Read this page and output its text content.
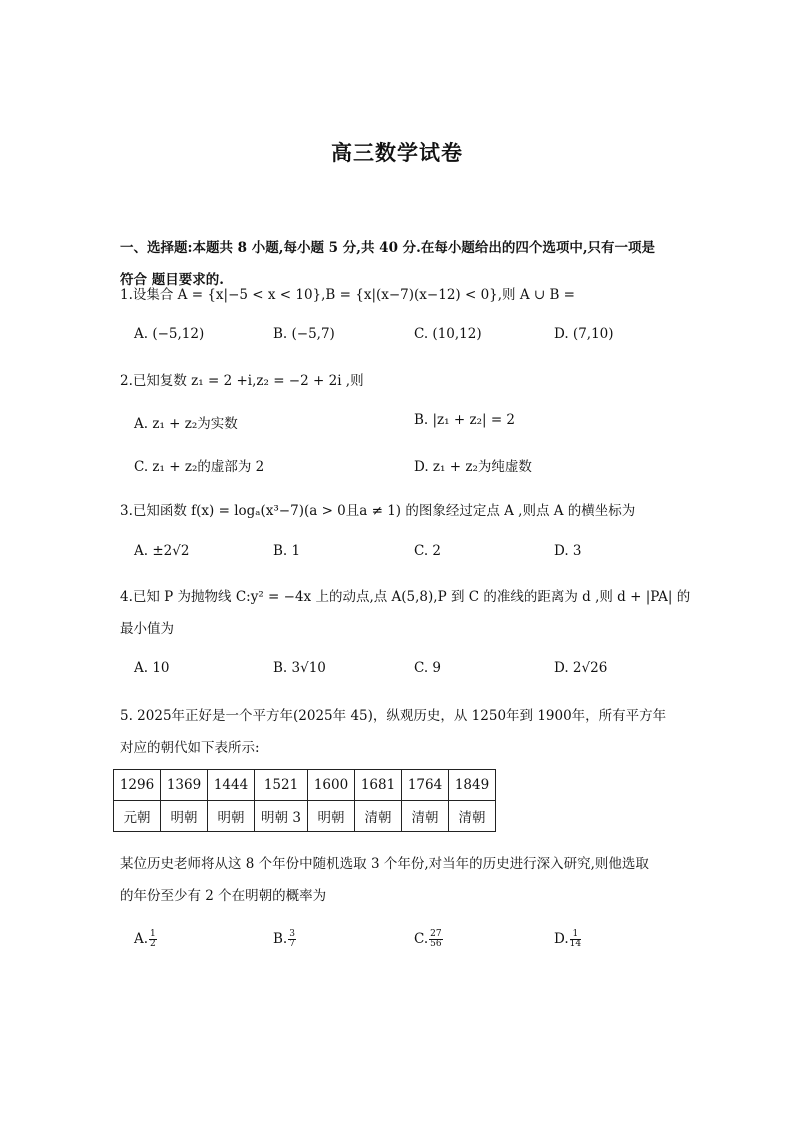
高三数学试卷
一、选择题:本题共 8 小题,每小题 5 分,共 40 分.在每小题给出的四个选项中,只有一项是
符合 题目要求的.
1.设集合 A = {x|−5 < x < 10},B = {x|(x−7)(x−12) < 0},则 A ∪ B =
A. (−5,12)	B. (−5,7)	C. (10,12)	D. (7,10)
2.已知复数 z₁ = 2 +i,z₂ = −2 + 2i ,则
A. z₁ + z₂为实数	B. |z₁ + z₂| = 2
C. z₁ + z₂的虚部为 2	D. z₁ + z₂为纯虚数
3.已知函数 f(x) = logₐ(x³−7)(a > 0且a ≠ 1) 的图象经过定点 A ,则点 A 的横坐标为
A. ±2√2	B. 1	C. 2	D. 3
4.已知 P 为抛物线 C:y² = −4x 上的动点,点 A(5,8),P 到 C 的准线的距离为 d ,则 d + |PA| 的
最小值为
A. 10	B. 3√10	C. 9	D. 2√26
5. 2025年正好是一个平方年(2025年 45)，纵观历史，从 1250年到 1900年，所有平方年
对应的朝代如下表所示:
1296	1369	1444	1521	1600	1681	1764	1849
元朝	明朝	明朝	明朝 3	明朝	清朝	清朝	清朝
某位历史老师将从这 8 个年份中随机选取 3 个年份,对当年的历史进行深入研究,则他选取
的年份至少有 2 个在明朝的概率为
A. $\frac{1}{2}$	B. $\frac{3}{7}$	C. $\frac{27}{56}$	D. $\frac{1}{14}$
